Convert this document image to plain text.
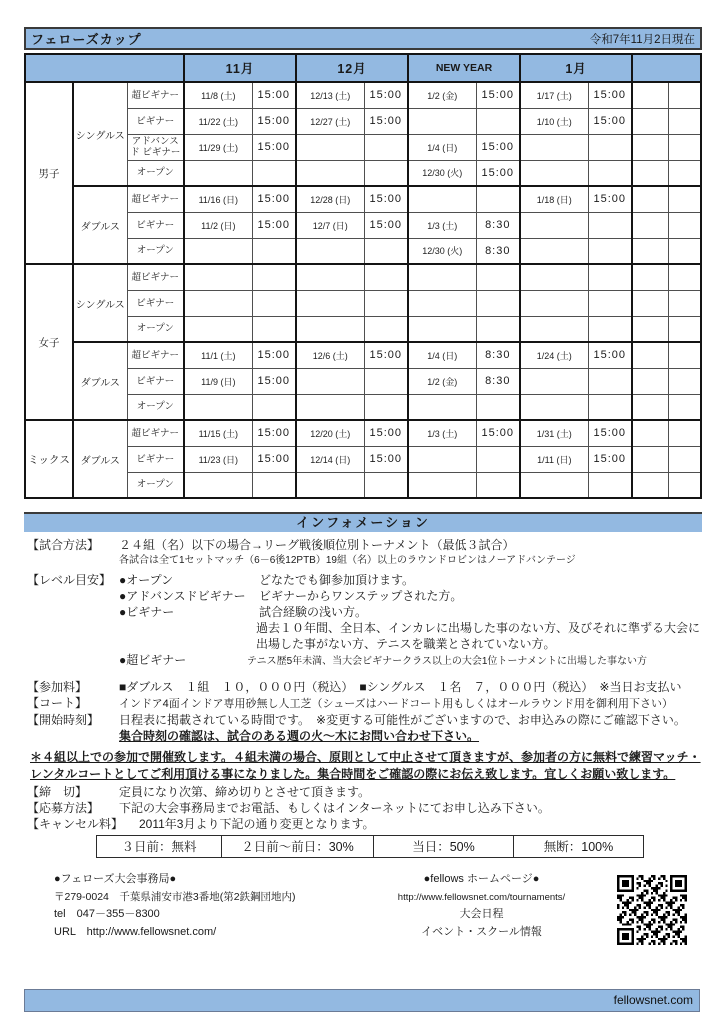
フェローズカップ	令和7年11月2日現在
			11月		12月		NEW YEAR		1月			
男子	シングルス	超ビギナー	11/8 (土)	15:00	12/13 (土)	15:00	1/2 (金)	15:00	1/17 (土)	15:00		
		ビギナー	11/22 (土)	15:00	12/27 (土)	15:00			1/10 (土)	15:00		
		アドバンスド ビギナー	11/29 (土)	15:00			1/4 (日)	15:00				
		オープン					12/30 (火)	15:00				
	ダブルス	超ビギナー	11/16 (日)	15:00	12/28 (日)	15:00			1/18 (日)	15:00		
		ビギナー	11/2 (日)	15:00	12/7 (日)	15:00	1/3 (土)	8:30				
		オープン					12/30 (火)	8:30				
女子	シングルス	超ビギナー										
		ビギナー										
		オープン										
	ダブルス	超ビギナー	11/1 (土)	15:00	12/6 (土)	15:00	1/4 (日)	8:30	1/24 (土)	15:00		
		ビギナー	11/9 (日)	15:00			1/2 (金)	8:30				
		オープン										
ミックス	ダブルス	超ビギナー	11/15 (土)	15:00	12/20 (土)	15:00	1/3 (土)	15:00	1/31 (土)	15:00		
		ビギナー	11/23 (日)	15:00	12/14 (日)	15:00			1/11 (日)	15:00		
		オープン										
インフォメーション
【試合方法】	２４組（名）以下の場合→リーグ戦後順位別トーナメント（最低３試合）
各試合は全て1セットマッチ（6－6後12PTB）19組（名）以上のラウンドロビンはノーアドバンテージ
【レベル目安】 ●オープン	どなたでも御参加頂けます。
●アドバンスドビギナー	ビギナーからワンステップされた方。
●ビギナー	試合経験の浅い方。
過去１０年間、全日本、インカレに出場した事のない方、及びそれに準ずる大会に
出場した事がない方、テニスを職業とされていない方。
●超ビギナー	テニス歴5年未満、当大会ビギナークラス以上の大会1位トーナメントに出場した事ない方
【参加料】	■ダブルス　１組　１０，０００円（税込）　■シングルス　１名　７，０００円（税込）　※当日お支払い
【コート】	インドア4面インドア専用砂無し人工芝（シューズはハードコート用もしくはオールラウンド用を御利用下さい）
【開始時刻】	日程表に掲載されている時間です。　※変更する可能性がございますので、お申込みの際にご確認下さい。
集合時刻の確認は、試合のある週の火～木にお問い合わせ下さい。
＊４組以上での参加で開催致します。４組未満の場合、原則として中止させて頂きますが、参加者の方に無料で練習マッチ・
レンタルコートとしてご利用頂ける事になりました。集合時間をご確認の際にお伝え致します。宜しくお願い致します。
【締　切】	定員になり次第、締め切りとさせて頂きます。
【応募方法】	下記の大会事務局までお電話、もしくはインターネットにてお申し込み下さい。
【キャンセル料】	2011年3月より下記の通り変更となります。
３日前：無料	２日前～前日：30%	当日：50%	無断：100%
●フェローズ大会事務局●
〒279-0024　千葉県浦安市港3番地(第2鉄鋼団地内)
tel　047－355－8300
URL　http://www.fellowsnet.com/
●fellows ホームページ●
http://www.fellowsnet.com/tournaments/
大会日程
イベント・スクール情報
fellowsnet.com
